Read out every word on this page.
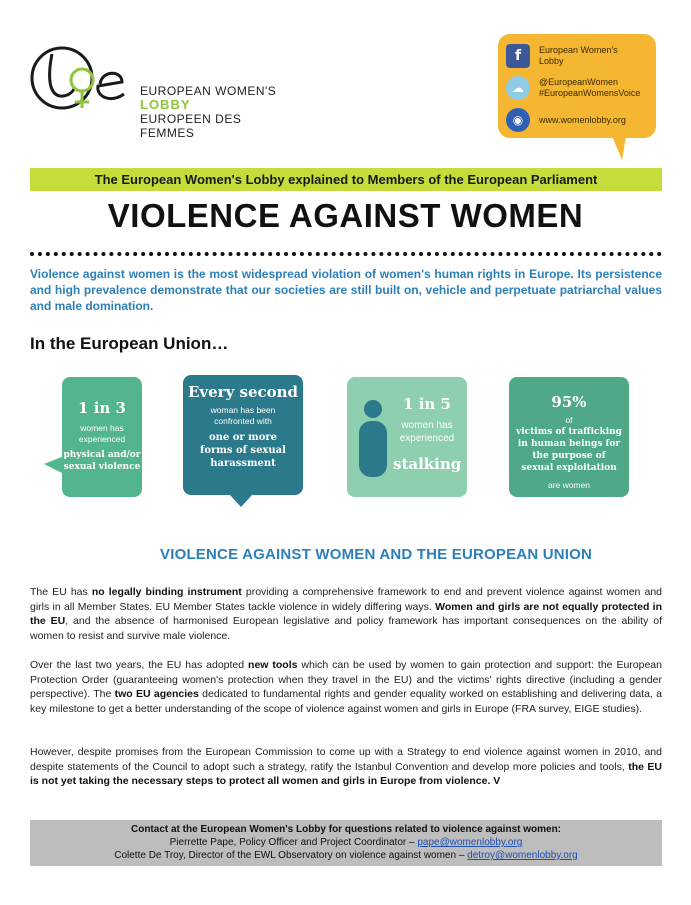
EUROPEAN WOMEN'S
LOBBY
EUROPEEN DES FEMMES
f	European Women's
Lobby
☁	@EuropeanWomen
#EuropeanWomensVoice
◉	www.womenlobby.org
The European Women's Lobby explained to Members of the European Parliament
VIOLENCE AGAINST WOMEN
Violence against women is the most widespread violation of women's human rights in Europe. Its persistence and high prevalence demonstrate that our societies are still built on, vehicle and perpetuate patriarchal values and male domination.
In the European Union…
1 in 3
women has experienced
physical and/or sexual violence
Every second
woman has been confronted with
one or more forms of sexual harassment
1 in 5
women has experienced
stalking
95%
of
victims of trafficking in human beings for the purpose of sexual exploitation
are women
VIOLENCE AGAINST WOMEN AND THE EUROPEAN UNION
The EU has no legally binding instrument providing a comprehensive framework to end and prevent violence against women and girls in all Member States. EU Member States tackle violence in widely differing ways. Women and girls are not equally protected in the EU, and the absence of harmonised European legislative and policy framework has important consequences on the ability of women to resist and survive male violence.
Over the last two years, the EU has adopted new tools which can be used by women to gain protection and support: the European Protection Order (guaranteeing women's protection when they travel in the EU) and the victims' rights directive (including a gender perspective). The two EU agencies dedicated to fundamental rights and gender equality worked on establishing and delivering data, a key milestone to get a better understanding of the scope of violence against women and girls in Europe (FRA survey, EIGE studies).
However, despite promises from the European Commission to come up with a Strategy to end violence against women in 2010, and despite statements of the Council to adopt such a strategy, ratify the Istanbul Convention and develop more policies and tools, the EU is not yet taking the necessary steps to protect all women and girls in Europe from violence. V
Contact at the European Women's Lobby for questions related to violence against women:
Pierrette Pape, Policy Officer and Project Coordinator – pape@womenlobby.org
Colette De Troy, Director of the EWL Observatory on violence against women – detroy@womenlobby.org
